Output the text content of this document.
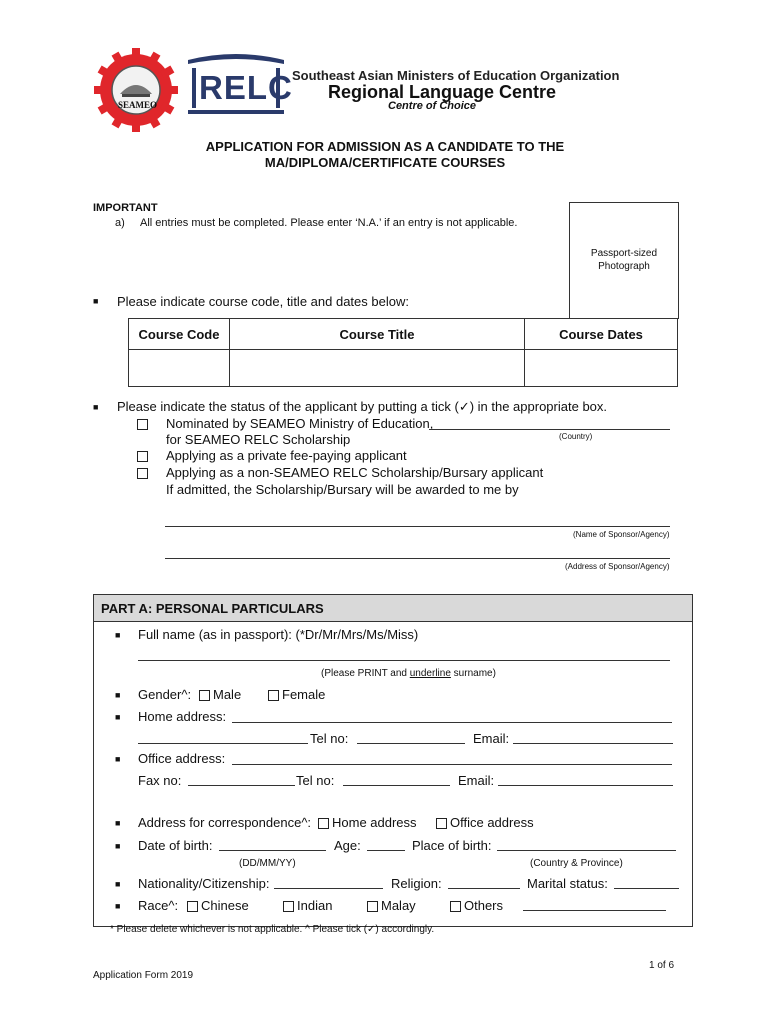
SEAMEO RELC Southeast Asian Ministers of Education Organization
Regional Language Centre
Centre of Choice
APPLICATION FOR ADMISSION AS A CANDIDATE TO THE
MA/DIPLOMA/CERTIFICATE COURSES
IMPORTANT
a) All entries must be completed. Please enter ‘N.A.’ if an entry is not applicable.
Passport-sized
Photograph
■ Please indicate course code, title and dates below:
Course Code	Course Title	Course Dates

■ Please indicate the status of the applicant by putting a tick (✓) in the appropriate box.
Nominated by SEAMEO Ministry of Education,
for SEAMEO RELC Scholarship	(Country)
Applying as a private fee-paying applicant
Applying as a non-SEAMEO RELC Scholarship/Bursary applicant
If admitted, the Scholarship/Bursary will be awarded to me by
(Name of Sponsor/Agency)
(Address of Sponsor/Agency)
PART A: PERSONAL PARTICULARS
■ Full name (as in passport): (*Dr/Mr/Mrs/Ms/Miss)
(Please PRINT and underline surname)
■ Gender^:	Male	Female
■ Home address:
Tel no:	Email:
■ Office address:
Fax no:	Tel no:	Email:
■ Address for correspondence^:	Home address	Office address
■ Date of birth:	Age:	Place of birth:
(DD/MM/YY)	(Country & Province)
■ Nationality/Citizenship:	Religion:	Marital status:
■ Race^:	Chinese	Indian	Malay	Others
* Please delete whichever is not applicable. ^ Please tick (✓) accordingly.
1 of 6
Application Form 2019
